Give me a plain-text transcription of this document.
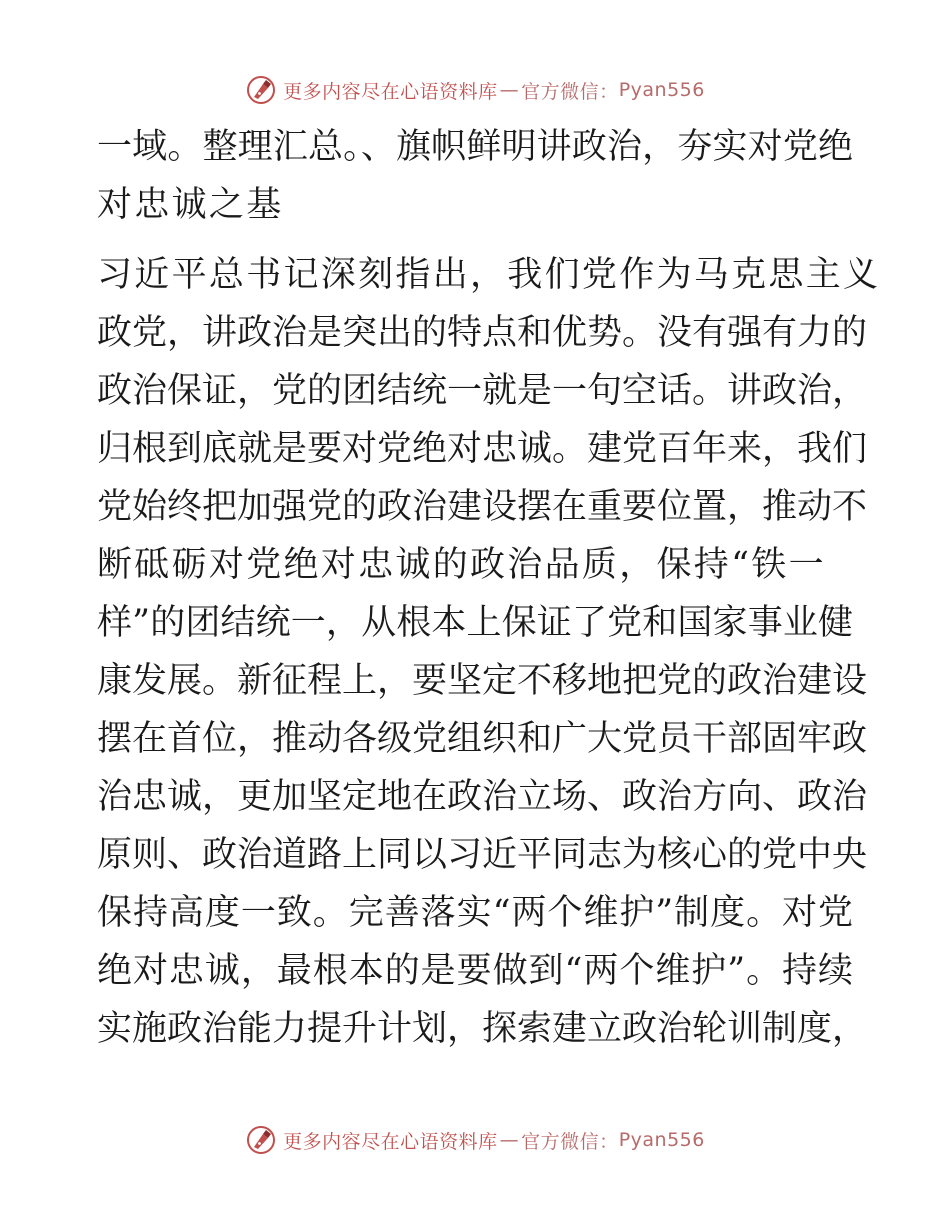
更多内容尽在心语资料库 — 官方微信： Pyan556
一域。整理汇总。、旗帜鲜明讲政治，夯实对党绝
对忠诚之基
习近平总书记深刻指出，我们党作为马克思主义
政党，讲政治是突出的特点和优势。没有强有力的
政治保证，党的团结统一就是一句空话。讲政治，
归根到底就是要对党绝对忠诚。建党百年来，我们
党始终把加强党的政治建设摆在重要位置，推动不
断砥砺对党绝对忠诚的政治品质，保持“铁一
样”的团结统一，从根本上保证了党和国家事业健
康发展。新征程上，要坚定不移地把党的政治建设
摆在首位，推动各级党组织和广大党员干部固牢政
治忠诚，更加坚定地在政治立场、政治方向、政治
原则、政治道路上同以习近平同志为核心的党中央
保持高度一致。完善落实“两个维护”制度。对党
绝对忠诚，最根本的是要做到“两个维护”。持续
实施政治能力提升计划，探索建立政治轮训制度，
更多内容尽在心语资料库 — 官方微信： Pyan556
